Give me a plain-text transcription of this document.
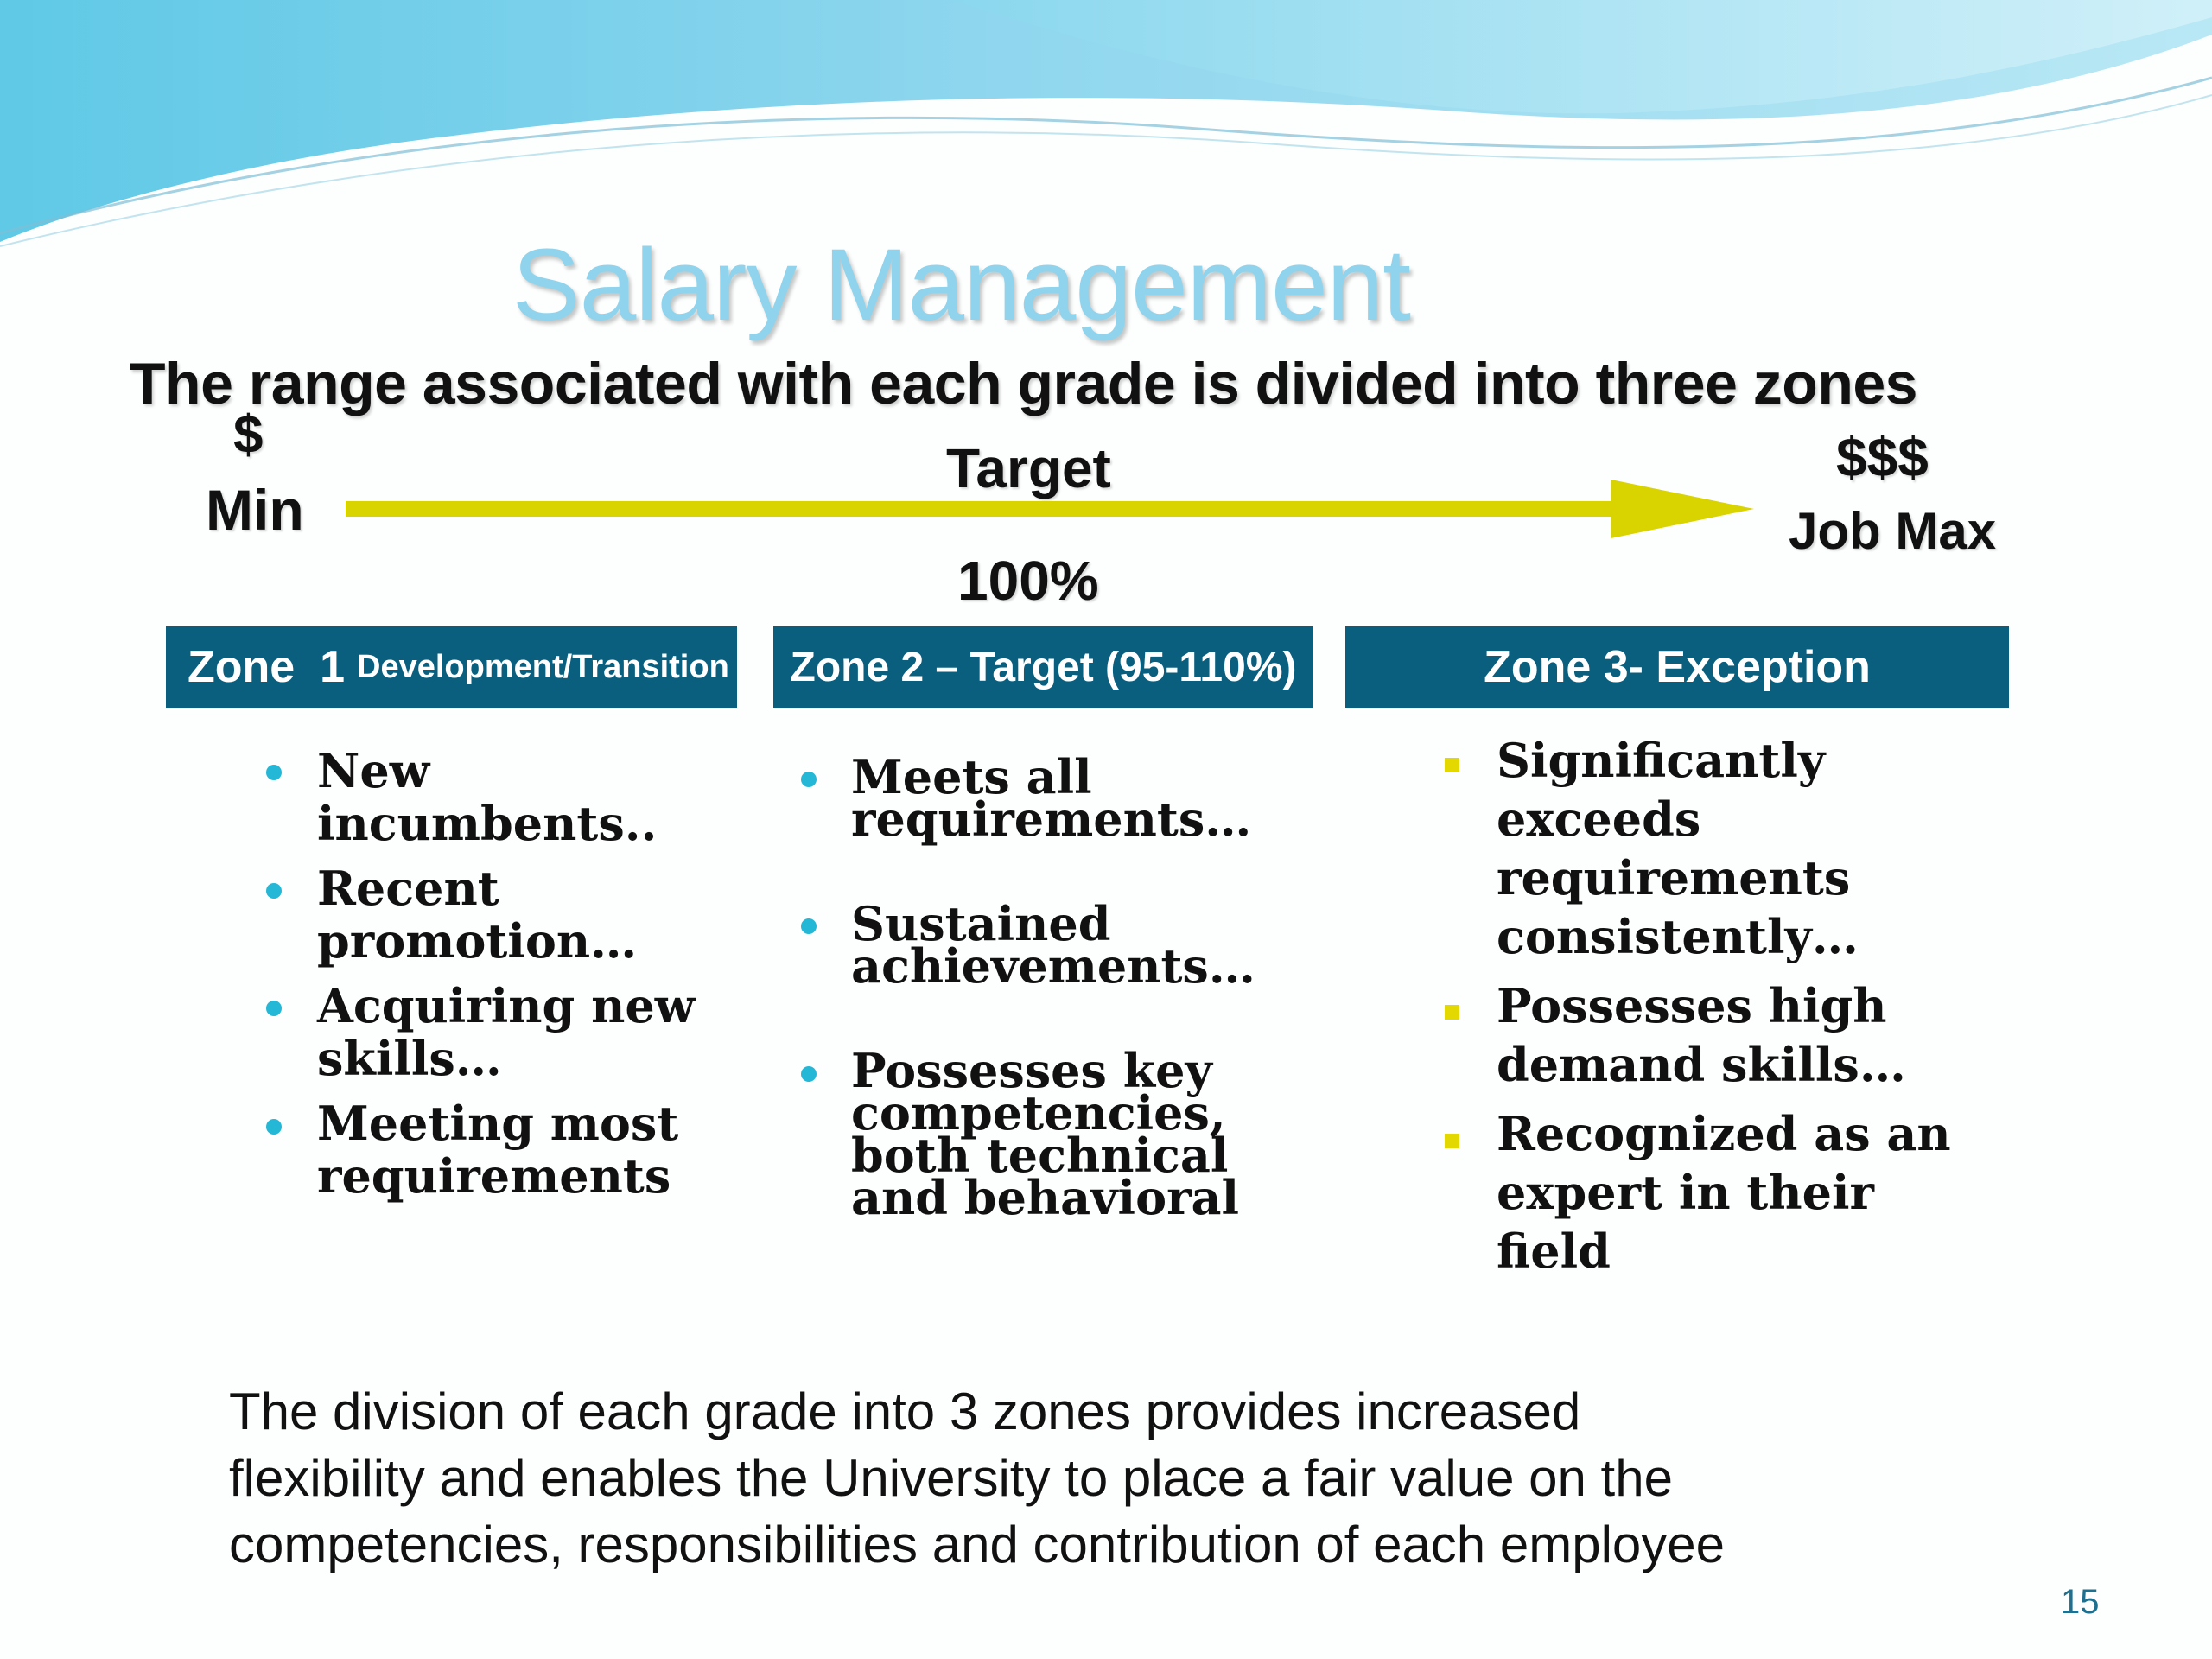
Salary Management
The range associated with each grade is divided into three zones
$
Min
Target
100%
$$$
Job Max
Zone  1 Development/Transition Zone 2 – Target (95-110%)	Zone 3- Exception
New
incumbents..
Recent
promotion…
Acquiring new
skills…
Meeting most
requirements
Meets all
requirements…
Sustained
achievements…
Possesses key
competencies,
both technical
and behavioral
Significantly
exceeds
requirements
consistently…
Possesses high
demand skills…
Recognized as an
expert in their
field
The division of each grade into 3 zones provides increased
flexibility and enables the University to place a fair value on the
competencies, responsibilities and contribution of each employee
15
